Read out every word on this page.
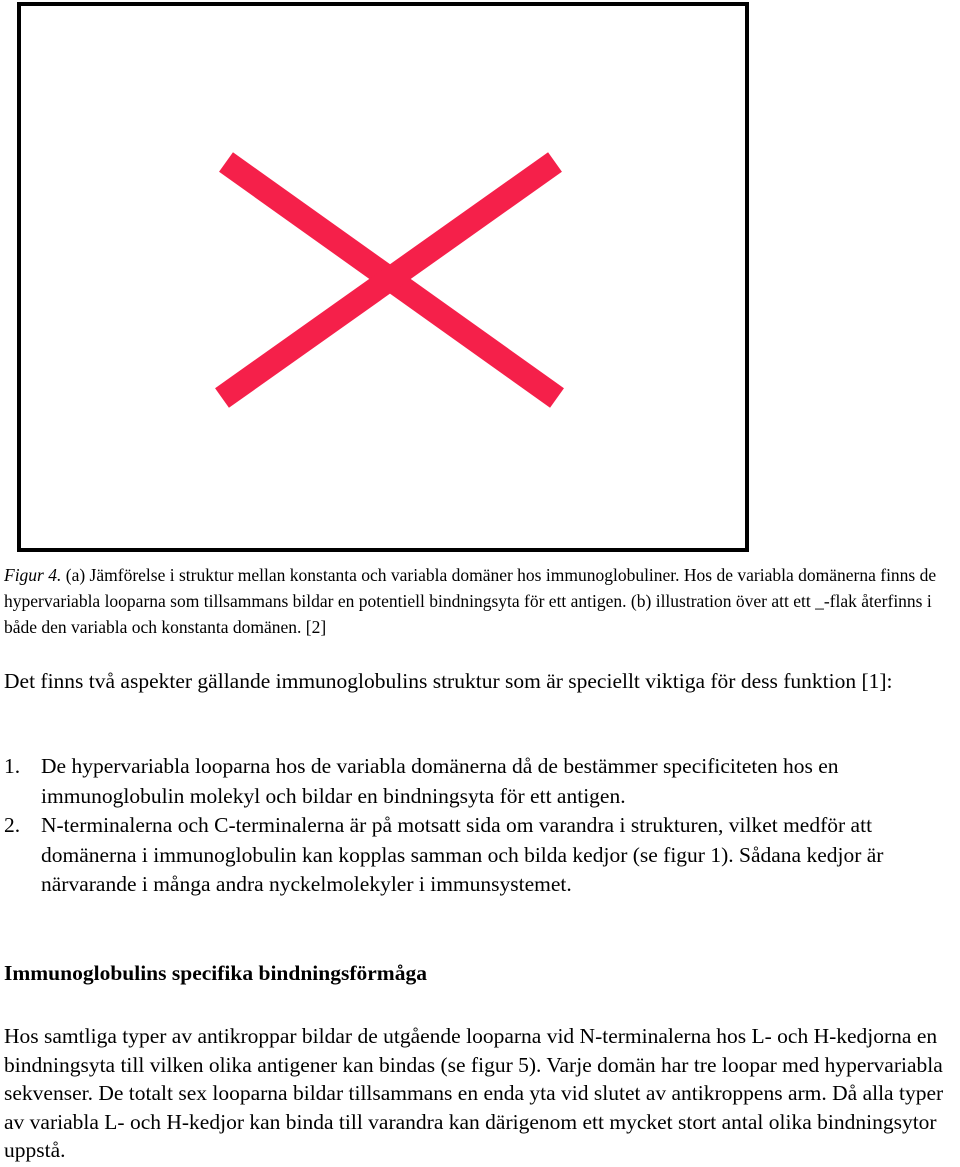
Figur 4. (a) Jämförelse i struktur mellan konstanta och variabla domäner hos immunoglobuliner. Hos de variabla domänerna finns de hypervariabla looparna som tillsammans bildar en potentiell bindningsyta för ett antigen. (b) illustration över att ett _-flak återfinns i både den variabla och konstanta domänen. [2]

Det finns två aspekter gällande immunoglobulins struktur som är speciellt viktiga för dess funktion [1]:

1. De hypervariabla looparna hos de variabla domänerna då de bestämmer specificiteten hos en immunoglobulin molekyl och bildar en bindningsyta för ett antigen.
2. N-terminalerna och C-terminalerna är på motsatt sida om varandra i strukturen, vilket medför att domänerna i immunoglobulin kan kopplas samman och bilda kedjor (se figur 1). Sådana kedjor är närvarande i många andra nyckelmolekyler i immunsystemet.
Immunoglobulins specifika bindningsförmåga

Hos samtliga typer av antikroppar bildar de utgående looparna vid N-terminalerna hos L- och H-kedjorna en bindningsyta till vilken olika antigener kan bindas (se figur 5). Varje domän har tre loopar med hypervariabla sekvenser. De totalt sex looparna bildar tillsammans en enda yta vid slutet av antikroppens arm. Då alla typer av variabla L- och H-kedjor kan binda till varandra kan därigenom ett mycket stort antal olika bindningsytor uppstå.
